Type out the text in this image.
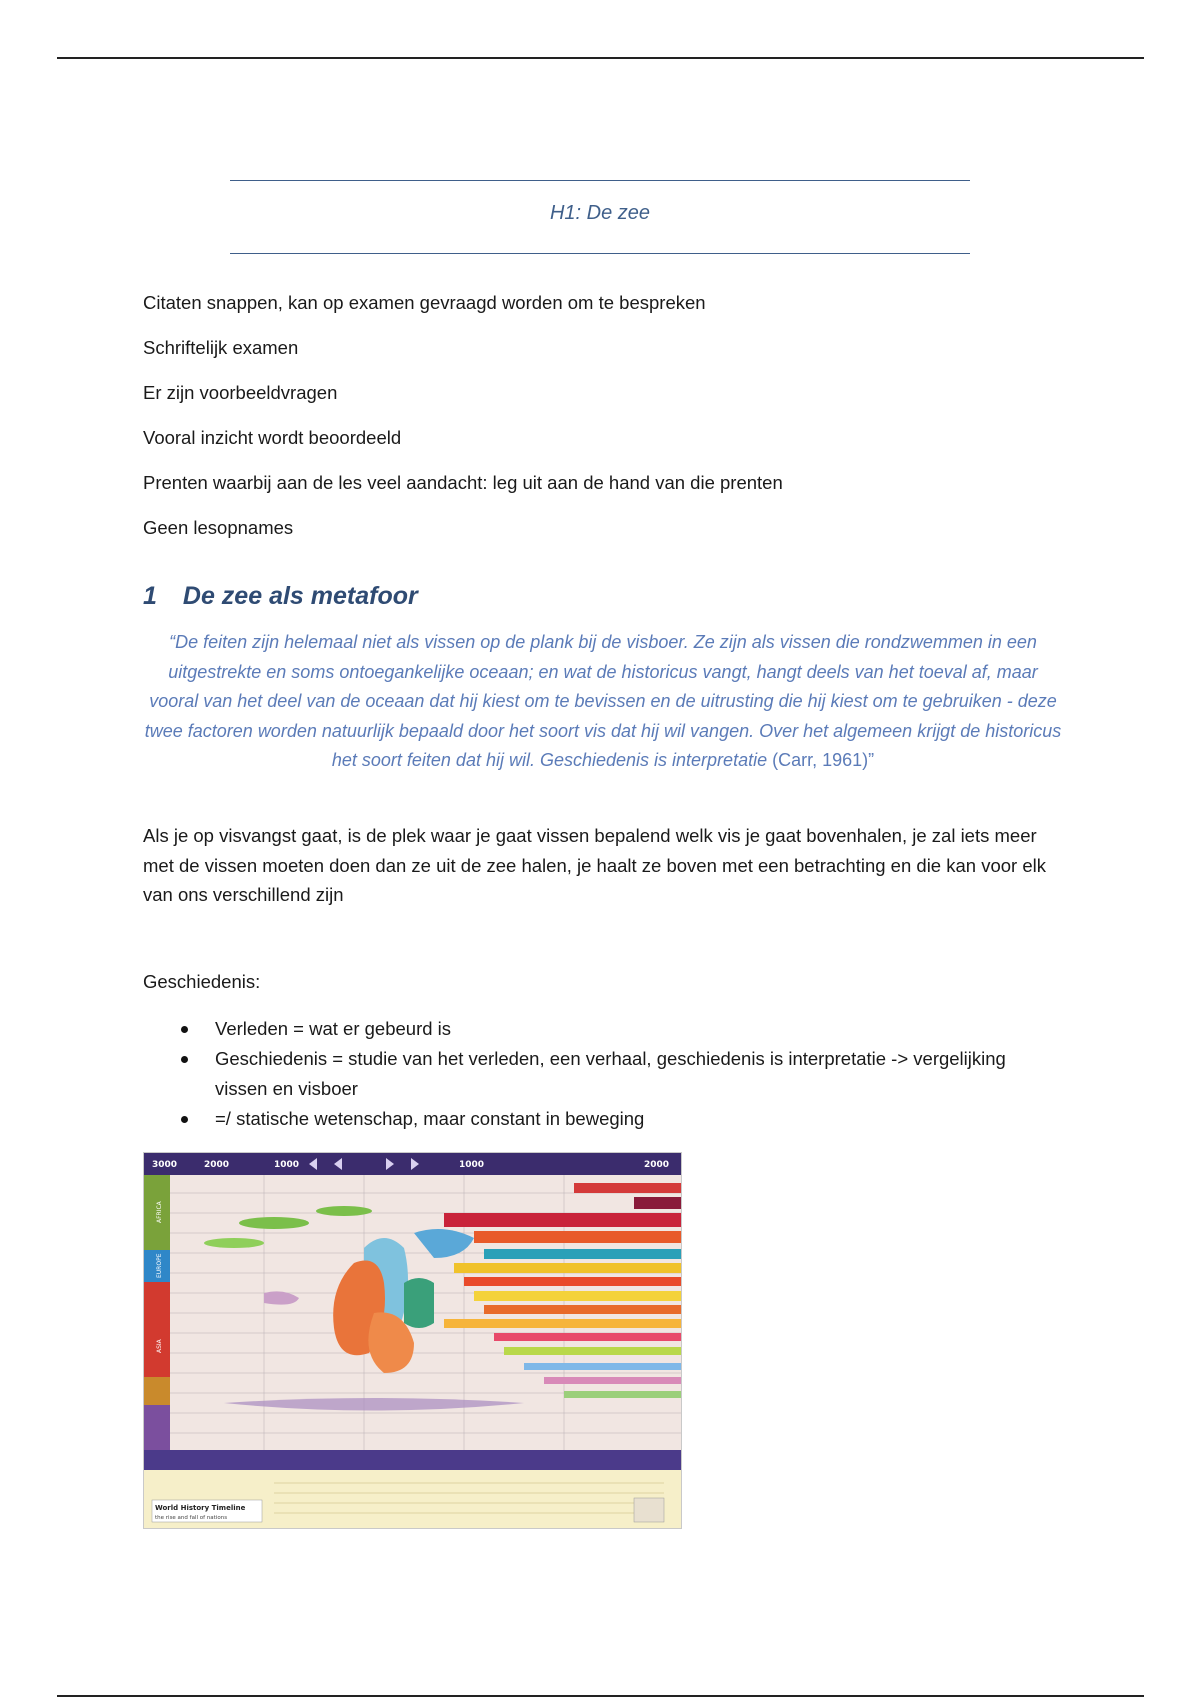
H1: De zee
Citaten snappen, kan op examen gevraagd worden om te bespreken
Schriftelijk examen
Er zijn voorbeeldvragen
Vooral inzicht wordt beoordeeld
Prenten waarbij aan de les veel aandacht: leg uit aan de hand van die prenten
Geen lesopnames
1 De zee als metafoor

“De feiten zijn helemaal niet als vissen op de plank bij de visboer. Ze zijn als vissen die rondzwemmen in een uitgestrekte en soms ontoegankelijke oceaan; en wat de historicus vangt, hangt deels van het toeval af, maar vooral van het deel van de oceaan dat hij kiest om te bevissen en de uitrusting die hij kiest om te gebruiken - deze twee factoren worden natuurlijk bepaald door het soort vis dat hij wil vangen. Over het algemeen krijgt de historicus het soort feiten dat hij wil. Geschiedenis is interpretatie (Carr, 1961)”

Als je op visvangst gaat, is de plek waar je gaat vissen bepalend welk vis je gaat bovenhalen, je zal iets meer met de vissen moeten doen dan ze uit de zee halen, je haalt ze boven met een betrachting en die kan voor elk van ons verschillend zijn

Geschiedenis:
Verleden = wat er gebeurd is
Geschiedenis = studie van het verleden, een verhaal, geschiedenis is interpretatie -> vergelijking vissen en visboer
=/ statische wetenschap, maar constant in beweging
3000	2000	1000	1000	2000
AFRICA
EUROPE
ASIA
World History Timeline
the rise and fall of nations
